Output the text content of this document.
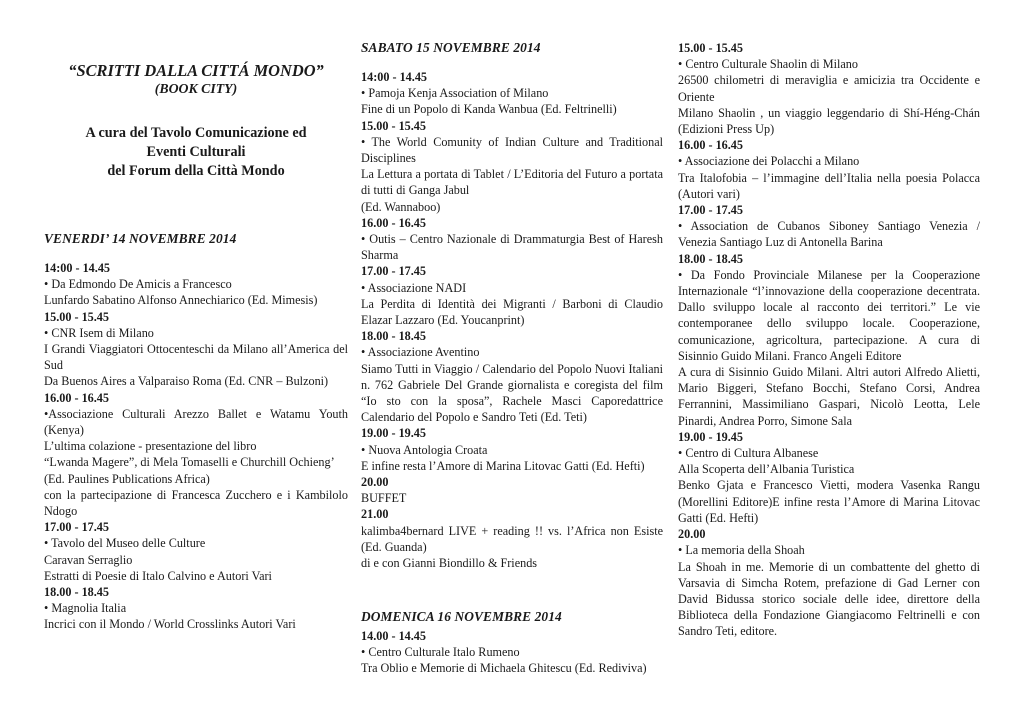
“SCRITTI DALLA CITTÁ MONDO”

(BOOK CITY)

A cura del Tavolo Comunicazione ed
Eventi Culturali
del Forum della Città Mondo

VENERDI’ 14 NOVEMBRE 2014

14:00 - 14.45

• Da Edmondo De Amicis a Francesco

Lunfardo Sabatino Alfonso Annechiarico (Ed. Mimesis)

15.00 - 15.45

• CNR Isem di Milano

I Grandi Viaggiatori Ottocenteschi da Milano all’America del Sud

Da Buenos Aires a Valparaiso Roma (Ed. CNR – Bulzoni)

16.00 - 16.45

•Associazione Culturali Arezzo Ballet e Watamu Youth (Kenya)

L’ultima colazione - presentazione del libro

“Lwanda Magere”, di Mela Tomaselli e Churchill Ochieng’

(Ed. Paulines Publications Africa)

con la partecipazione di Francesca Zucchero e i Kambilolo Ndogo

17.00 - 17.45

• Tavolo del Museo delle Culture

Caravan Serraglio

Estratti di Poesie di Italo Calvino e Autori Vari

18.00 - 18.45

• Magnolia Italia

Incrici con il Mondo / World Crosslinks Autori Vari

SABATO 15 NOVEMBRE 2014

14:00 - 14.45

• Pamoja Kenja Association of Milano

Fine di un Popolo di Kanda Wanbua (Ed. Feltrinelli)

15.00 - 15.45

• The World Comunity of Indian Culture and Traditional Disciplines

La Lettura a portata di Tablet / L’Editoria del Futuro a portata di tutti di Ganga Jabul

(Ed. Wannaboo)

16.00 - 16.45

• Outis – Centro Nazionale di Drammaturgia Best of Haresh Sharma

17.00 - 17.45

• Associazione NADI

La Perdita di Identità dei Migranti / Barboni di Claudio Elazar Lazzaro (Ed. Youcanprint)

18.00 - 18.45

• Associazione Aventino

Siamo Tutti in Viaggio / Calendario del Popolo Nuovi Italiani n. 762 Gabriele Del Grande giornalista e coregista del film “Io sto con la sposa”, Rachele Masci Caporedattrice Calendario del Popolo e Sandro Teti (Ed. Teti)

19.00 - 19.45

• Nuova Antologia Croata

E infine resta l’Amore di Marina Litovac Gatti (Ed. Hefti)

20.00

BUFFET

21.00

kalimba4bernard LIVE + reading !! vs. l’Africa non Esiste (Ed. Guanda)

di e con Gianni Biondillo & Friends

DOMENICA 16 NOVEMBRE 2014

14.00 - 14.45

• Centro Culturale Italo Rumeno

Tra Oblio e Memorie di Michaela Ghitescu (Ed. Rediviva)

15.00 - 15.45

• Centro Culturale Shaolin di Milano

26500 chilometri di meraviglia e amicizia tra Occidente e Oriente

Milano Shaolin , un viaggio leggendario di Shí-Héng-Chán (Edizioni Press Up)

16.00 - 16.45

• Associazione dei Polacchi a Milano

Tra Italofobia – l’immagine dell’Italia nella poesia Polacca (Autori vari)

17.00 - 17.45

• Association de Cubanos Siboney Santiago Venezia / Venezia Santiago Luz di Antonella Barina

18.00 - 18.45

• Da Fondo Provinciale Milanese per la Cooperazione Internazionale “l’innovazione della cooperazione decentrata. Dallo sviluppo locale al racconto dei territori.” Le vie contemporanee dello sviluppo locale. Cooperazione, comunicazione, agricoltura, partecipazione. A cura di Sisinnio Guido Milani. Franco Angeli Editore

A cura di Sisinnio Guido Milani. Altri autori Alfredo Alietti, Mario Biggeri, Stefano Bocchi, Stefano Corsi, Andrea Ferrannini, Massimiliano Gaspari, Nicolò Leotta, Lele Pinardi, Andrea Porro, Simone Sala

19.00 - 19.45

• Centro di Cultura Albanese

Alla Scoperta dell’Albania Turistica

Benko Gjata e Francesco Vietti, modera Vasenka Rangu (Morellini Editore)E infine resta l’Amore di Marina Litovac Gatti (Ed. Hefti)

20.00

• La memoria della Shoah

La Shoah in me. Memorie di un combattente del ghetto di Varsavia di Simcha Rotem, prefazione di Gad Lerner con David Bidussa storico sociale delle idee, direttore della Biblioteca della Fondazione Giangiacomo Feltrinelli e con Sandro Teti, editore.
